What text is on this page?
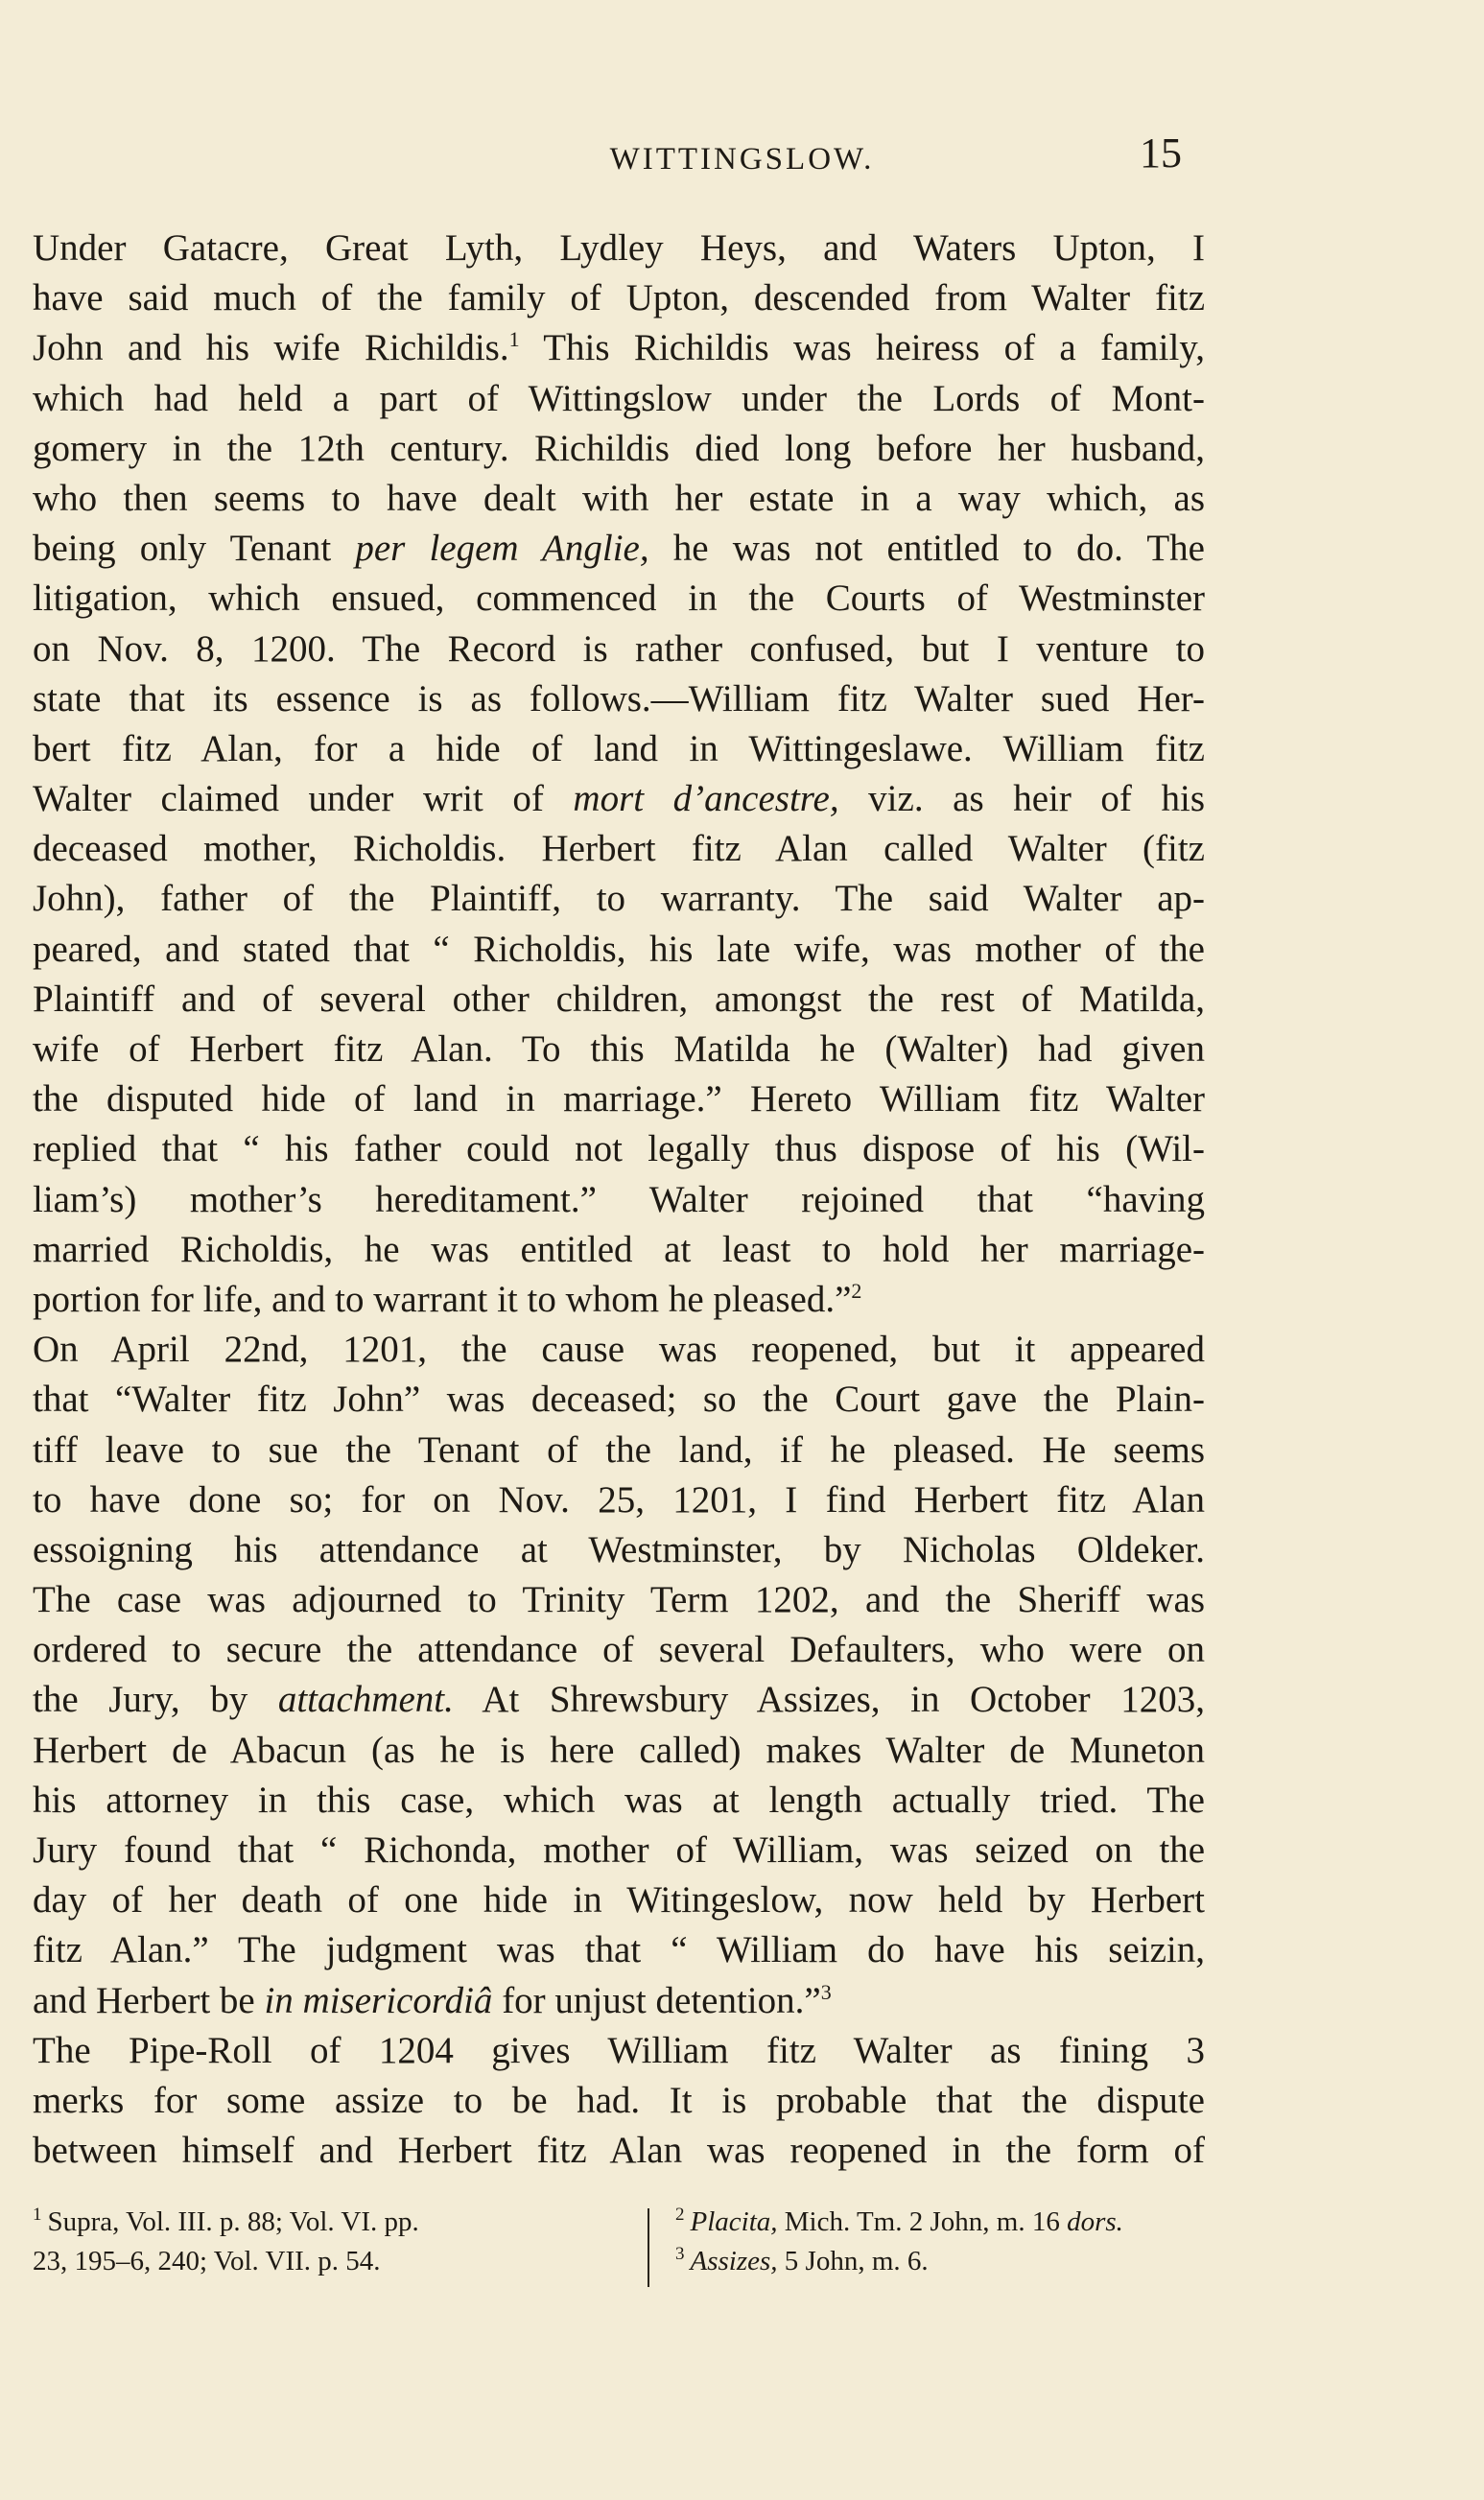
WITTINGSLOW.	15
Under Gatacre, Great Lyth, Lydley Heys, and Waters Upton, I
have said much of the family of Upton, descended from Walter fitz
John and his wife Richildis.$^1$ This Richildis was heiress of a family,
which had held a part of Wittingslow under the Lords of Mont-
gomery in the 12th century. Richildis died long before her husband,
who then seems to have dealt with her estate in a way which, as
being only Tenant per legem Anglie, he was not entitled to do. The
litigation, which ensued, commenced in the Courts of Westminster
on Nov. 8, 1200. The Record is rather confused, but I venture to
state that its essence is as follows.—William fitz Walter sued Her-
bert fitz Alan, for a hide of land in Wittingeslawe. William fitz
Walter claimed under writ of mort d’ancestre, viz. as heir of his
deceased mother, Richoldis. Herbert fitz Alan called Walter (fitz
John), father of the Plaintiff, to warranty. The said Walter ap-
peared, and stated that “ Richoldis, his late wife, was mother of the
Plaintiff and of several other children, amongst the rest of Matilda,
wife of Herbert fitz Alan. To this Matilda he (Walter) had given
the disputed hide of land in marriage.” Hereto William fitz Walter
replied that “ his father could not legally thus dispose of his (Wil-
liam’s) mother’s hereditament.” Walter rejoined that “having
married Richoldis, he was entitled at least to hold her marriage-
portion for life, and to warrant it to whom he pleased.”$^2$
On April 22nd, 1201, the cause was reopened, but it appeared
that “Walter fitz John” was deceased; so the Court gave the Plain-
tiff leave to sue the Tenant of the land, if he pleased. He seems
to have done so; for on Nov. 25, 1201, I find Herbert fitz Alan
essoigning his attendance at Westminster, by Nicholas Oldeker.
The case was adjourned to Trinity Term 1202, and the Sheriff was
ordered to secure the attendance of several Defaulters, who were on
the Jury, by attachment. At Shrewsbury Assizes, in October 1203,
Herbert de Abacun (as he is here called) makes Walter de Muneton
his attorney in this case, which was at length actually tried. The
Jury found that “ Richonda, mother of William, was seized on the
day of her death of one hide in Witingeslow, now held by Herbert
fitz Alan.” The judgment was that “ William do have his seizin,
and Herbert be in misericordiâ for unjust detention.”$^3$
The Pipe-Roll of 1204 gives William fitz Walter as fining 3
merks for some assize to be had. It is probable that the dispute
between himself and Herbert fitz Alan was reopened in the form of
$^1$ Supra, Vol. III. p. 88; Vol. VI. pp.
23, 195–6, 240; Vol. VII. p. 54.
$^2$ Placita, Mich. Tm. 2 John, m. 16 dors.
$^3$ Assizes, 5 John, m. 6.
